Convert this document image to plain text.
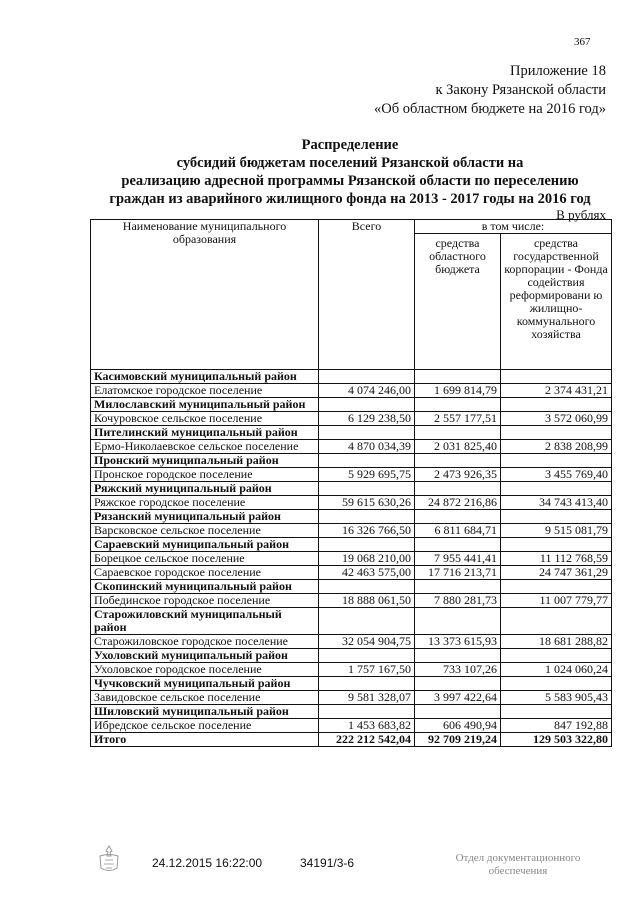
367
Приложение 18
к Закону Рязанской области
«Об областном бюджете на 2016 год»
Распределение
субсидий бюджетам поселений Рязанской области на
реализацию адресной программы Рязанской области по переселению
граждан из аварийного жилищного фонда на 2013 - 2017 годы на 2016 год
В рублях
Наименование муниципального образования	Всего	в том числе:	
		средства областного бюджета	средства государственной корпорации - Фонда содействия реформировани ю жилищно-коммунального хозяйства
Касимовский муниципальный район			
Елатомское городское поселение	4 074 246,00	1 699 814,79	2 374 431,21
Милославский муниципальный район			
Кочуровское сельское поселение	6 129 238,50	2 557 177,51	3 572 060,99
Пителинский муниципальный район			
Ермо-Николаевское сельское поселение	4 870 034,39	2 031 825,40	2 838 208,99
Пронский муниципальный район			
Пронское городское поселение	5 929 695,75	2 473 926,35	3 455 769,40
Ряжский муниципальный район			
Ряжское городское поселение	59 615 630,26	24 872 216,86	34 743 413,40
Рязанский муниципальный район			
Варсковское сельское поселение	16 326 766,50	6 811 684,71	9 515 081,79
Сараевский муниципальный район			
Борецкое сельское поселение	19 068 210,00	7 955 441,41	11 112 768,59
Сараевское городское поселение	42 463 575,00	17 716 213,71	24 747 361,29
Скопинский муниципальный район			
Побединское городское поселение	18 888 061,50	7 880 281,73	11 007 779,77
Старожиловский муниципальный район			
Старожиловское городское поселение	32 054 904,75	13 373 615,93	18 681 288,82
Ухоловский муниципальный район			
Ухоловское городское поселение	1 757 167,50	733 107,26	1 024 060,24
Чучковский муниципальный район			
Завидовское сельское поселение	9 581 328,07	3 997 422,64	5 583 905,43
Шиловский муниципальный район			
Ибредское сельское поселение	1 453 683,82	606 490,94	847 192,88
Итого	222 212 542,04	92 709 219,24	129 503 322,80
24.12.2015 16:22:00	34191/3-6	Отдел документационного
обеспечения
